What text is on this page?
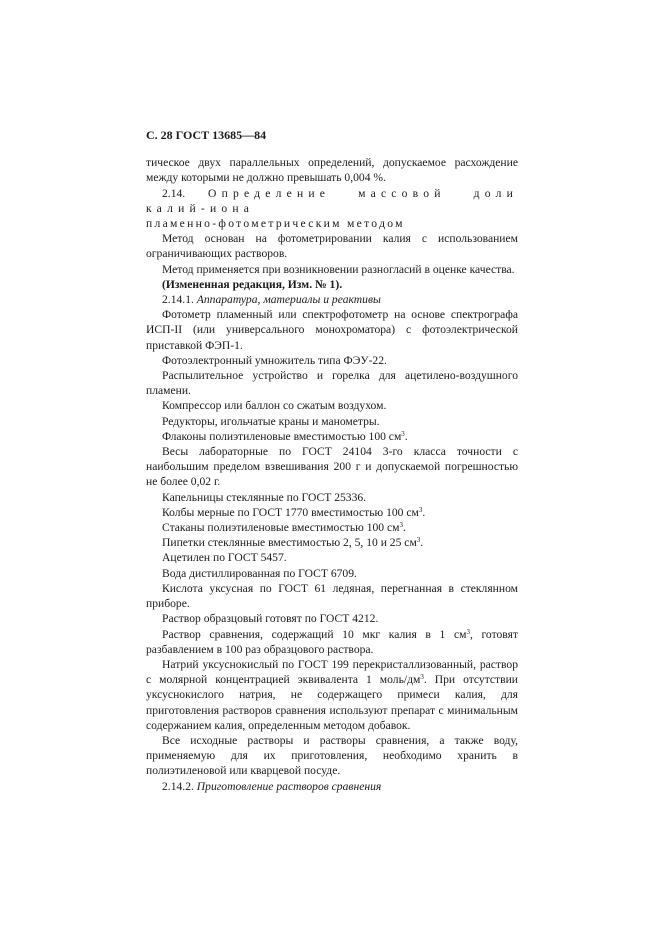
С. 28 ГОСТ 13685—84

тическое двух параллельных определений, допускаемое расхождение между которыми не должно превышать 0,004 %.

2.14. Определение массовой доли калий-иона
пламенно-фотометрическим методом

Метод основан на фотометрировании калия с использованием ограничивающих растворов.

Метод применяется при возникновении разногласий в оценке качества.

(Измененная редакция, Изм. № 1).

2.14.1. Аппаратура, материалы и реактивы

Фотометр пламенный или спектрофотометр на основе спектрографа ИСП-II (или универсального монохроматора) с фотоэлектрической приставкой ФЭП-1.

Фотоэлектронный умножитель типа ФЭУ-22.

Распылительное устройство и горелка для ацетилено-воздушного пламени.

Компрессор или баллон со сжатым воздухом.

Редукторы, игольчатые краны и манометры.

Флаконы полиэтиленовые вместимостью 100 $см^3$.

Весы лабораторные по ГОСТ 24104 3-го класса точности с наибольшим пределом взвешивания 200 г и допускаемой погрешностью не более 0,02 г.

Капельницы стеклянные по ГОСТ 25336.

Колбы мерные по ГОСТ 1770 вместимостью 100 $см^3$.

Стаканы полиэтиленовые вместимостью 100 $см^3$.

Пипетки стеклянные вместимостью 2, 5, 10 и 25 $см^3$.

Ацетилен по ГОСТ 5457.

Вода дистиллированная по ГОСТ 6709.

Кислота уксусная по ГОСТ 61 ледяная, перегнанная в стеклянном приборе.

Раствор образцовый готовят по ГОСТ 4212.

Раствор сравнения, содержащий 10 мкг калия в 1 $см^3$, готовят разбавлением в 100 раз образцового раствора.

Натрий уксуснокислый по ГОСТ 199 перекристаллизованный, раствор с молярной концентрацией эквивалента 1 моль/$дм^3$. При отсутствии уксуснокислого натрия, не содержащего примеси калия, для приготовления растворов сравнения используют препарат с минимальным содержанием калия, определенным методом добавок.

Все исходные растворы и растворы сравнения, а также воду, применяемую для их приготовления, необходимо хранить в полиэтиленовой или кварцевой посуде.

2.14.2. Приготовление растворов сравнения
